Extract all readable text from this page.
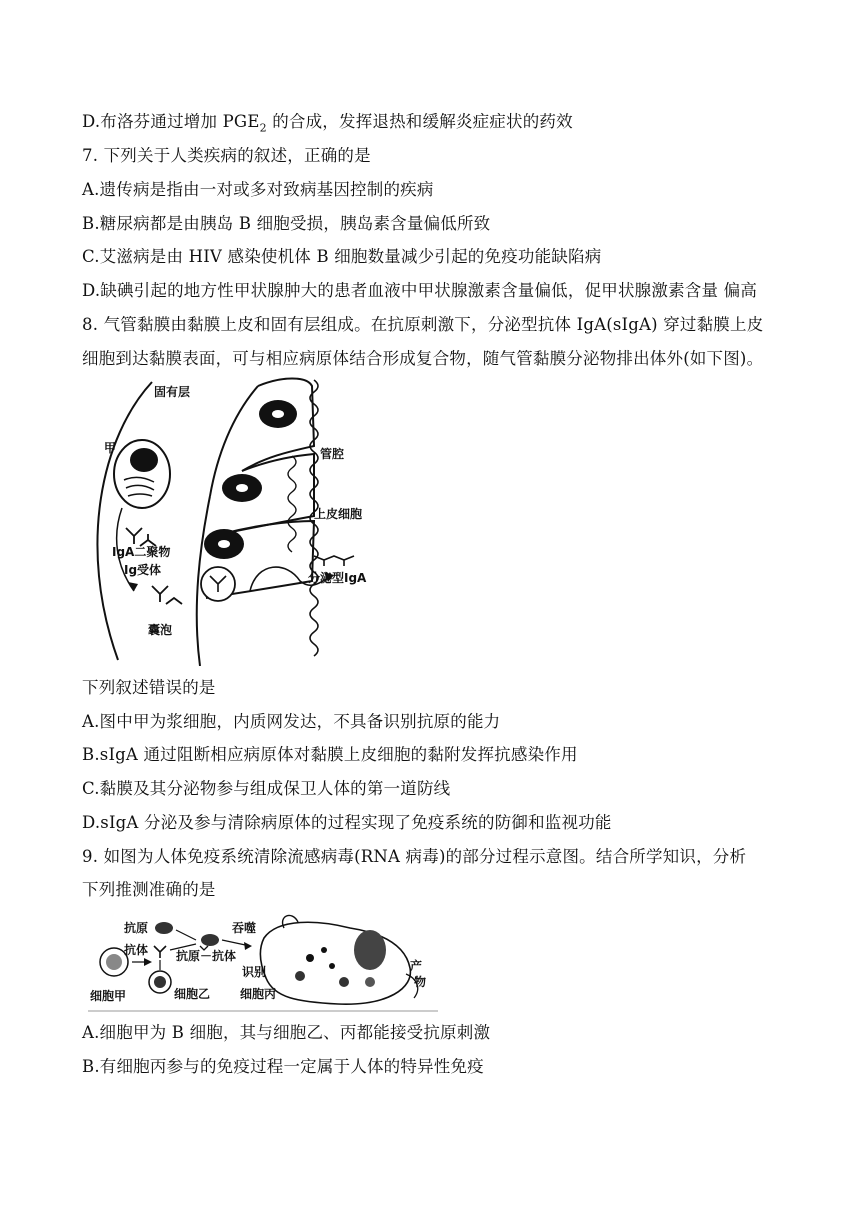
D.布洛芬通过增加 $PGE_2$ 的合成，发挥退热和缓解炎症症状的药效
7. 下列关于人类疾病的叙述，正确的是
A.遗传病是指由一对或多对致病基因控制的疾病
B.糖尿病都是由胰岛 B 细胞受损，胰岛素含量偏低所致
C.艾滋病是由 HIV 感染使机体 B 细胞数量减少引起的免疫功能缺陷病
D.缺碘引起的地方性甲状腺肿大的患者血液中甲状腺激素含量偏低，促甲状腺激素含量 偏高
8. 气管黏膜由黏膜上皮和固有层组成。在抗原刺激下，分泌型抗体 IgA(sIgA) 穿过黏膜上皮
细胞到达黏膜表面，可与相应病原体结合形成复合物，随气管黏膜分泌物排出体外(如下图)。
固有层
甲	管腔
上皮细胞
IgA二聚物
Ig受体
分泌型IgA
囊泡
下列叙述错误的是
A.图中甲为浆细胞，内质网发达，不具备识别抗原的能力
B.sIgA 通过阻断相应病原体对黏膜上皮细胞的黏附发挥抗感染作用
C.黏膜及其分泌物参与组成保卫人体的第一道防线
D.sIgA 分泌及参与清除病原体的过程实现了免疫系统的防御和监视功能
9. 如图为人体免疫系统清除流感病毒(RNA 病毒)的部分过程示意图。结合所学知识，分析
下列推测准确的是
抗原
抗体 抗原－抗体
吞噬
识别
细胞甲	细胞乙 细胞丙
产
物
A.细胞甲为 B 细胞，其与细胞乙、丙都能接受抗原刺激
B.有细胞丙参与的免疫过程一定属于人体的特异性免疫
